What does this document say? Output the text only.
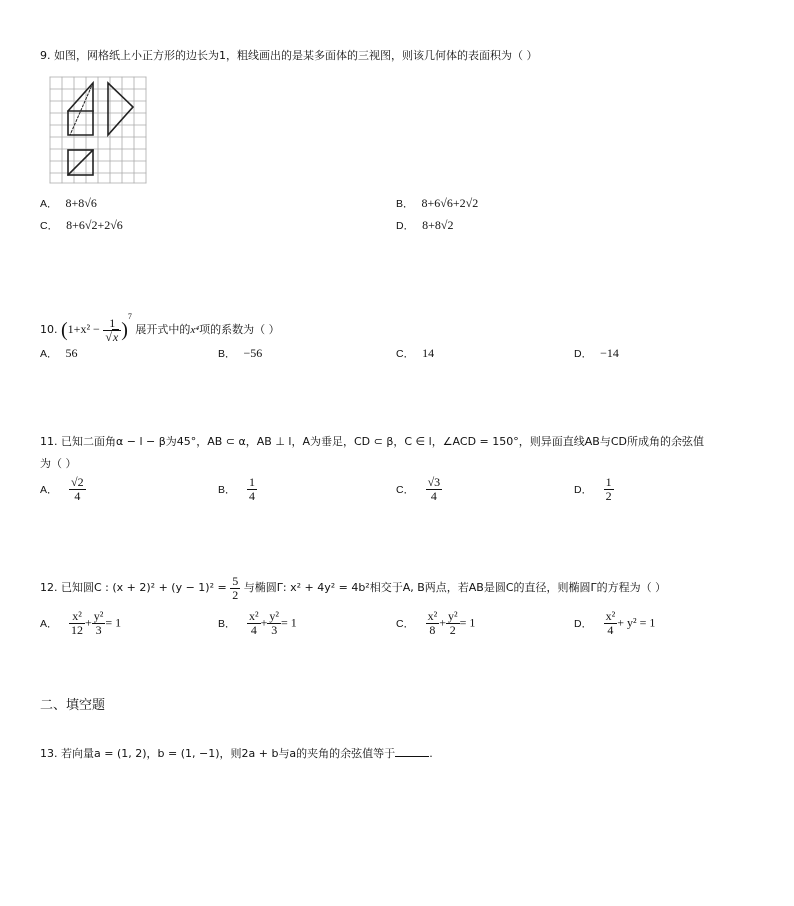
9. 如图，网格纸上小正方形的边长为1，粗线画出的是某多面体的三视图，则该几何体的表面积为（ ）
A． 8+8√6	B． 8+6√6+2√2
C． 8+6√2+2√6	D． 8+8√2
10. $(1+x^2 - \frac{1}{√x} )^7$ 展开式中的x⁴项的系数为（ ）
A． 56	B． −56	C． 14	D． −14
11. 已知二面角α − l − β为45°，AB ⊂ α，AB ⊥ l，A为垂足，CD ⊂ β，C ∈ l，∠ACD = 150°，则异面直线AB与CD所成角的余弦值
为（ ）
A． $\frac{√2}{4}$	B． $\frac{1}{4}$	C． $\frac{√3}{4}$	D． $\frac{1}{2}$
12. 已知圆C : $(x + 2)^2 + (y - 1)^2 = \frac{5}{2}$ 与椭圆Γ: x² + 4y² = 4b²相交于A, B两点，若AB是圆C的直径，则椭圆Γ的方程为（ ）
A． $\frac{\text{x²}}{12} + \frac{\text{y²}}{3} = 1$	B． $\frac{\text{x²}}{4} + \frac{\text{y²}}{3} = 1$	C． $\frac{\text{x²}}{8} + \frac{\text{y²}}{2} = 1$	D． $\frac{\text{x²}}{4} + y^2 = 1$
二、填空题
13. 若向量a = (1, 2)，b = (1, −1)，则2a + b与a的夹角的余弦值等于	.
